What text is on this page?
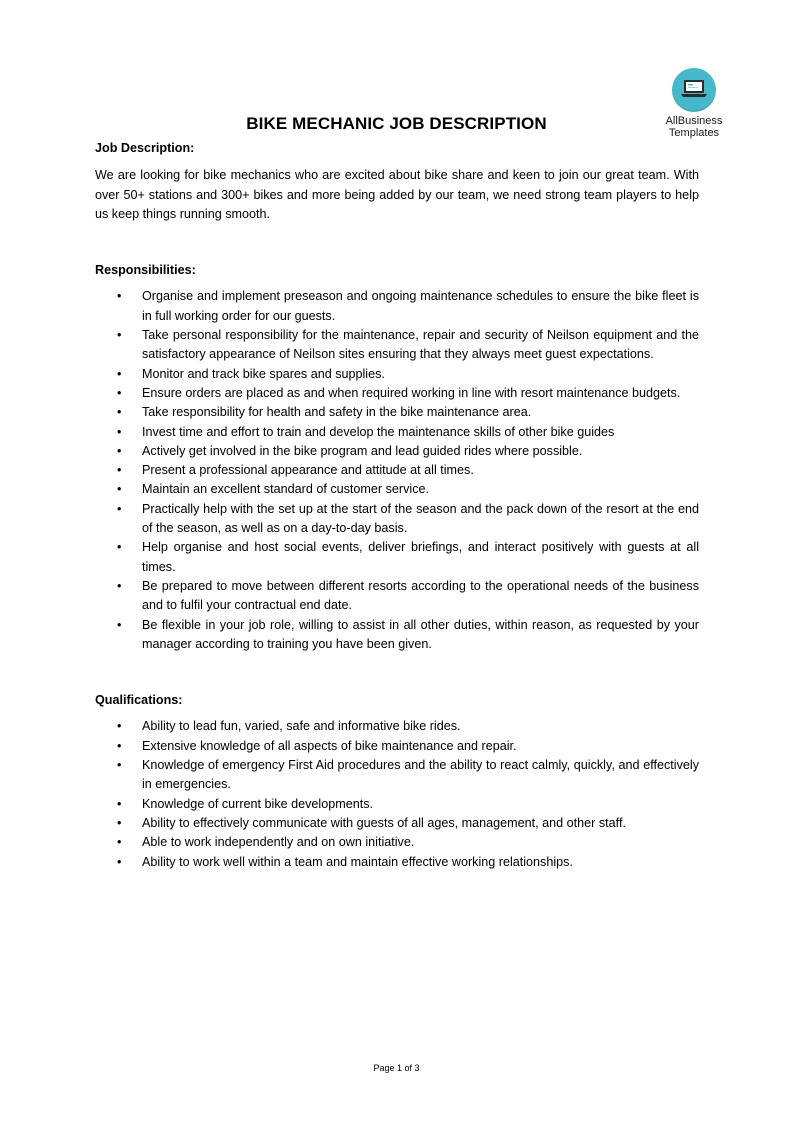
AllBusiness
Templates
BIKE MECHANIC JOB DESCRIPTION

Job Description:

We are looking for bike mechanics who are excited about bike share and keen to join our great team. With over 50+ stations and 300+ bikes and more being added by our team, we need strong team players to help us keep things running smooth.

Responsibilities:

• Organise and implement preseason and ongoing maintenance schedules to ensure the bike fleet is in full working order for our guests.
• Take personal responsibility for the maintenance, repair and security of Neilson equipment and the satisfactory appearance of Neilson sites ensuring that they always meet guest expectations.
• Monitor and track bike spares and supplies.
• Ensure orders are placed as and when required working in line with resort maintenance budgets.
• Take responsibility for health and safety in the bike maintenance area.
• Invest time and effort to train and develop the maintenance skills of other bike guides
• Actively get involved in the bike program and lead guided rides where possible.
• Present a professional appearance and attitude at all times.
• Maintain an excellent standard of customer service.
• Practically help with the set up at the start of the season and the pack down of the resort at the end of the season, as well as on a day-to-day basis.
• Help organise and host social events, deliver briefings, and interact positively with guests at all times.
• Be prepared to move between different resorts according to the operational needs of the business and to fulfil your contractual end date.
• Be flexible in your job role, willing to assist in all other duties, within reason, as requested by your manager according to training you have been given.

Qualifications:

• Ability to lead fun, varied, safe and informative bike rides.
• Extensive knowledge of all aspects of bike maintenance and repair.
• Knowledge of emergency First Aid procedures and the ability to react calmly, quickly, and effectively in emergencies.
• Knowledge of current bike developments.
• Ability to effectively communicate with guests of all ages, management, and other staff.
• Able to work independently and on own initiative.
• Ability to work well within a team and maintain effective working relationships.
Page 1 of 3
